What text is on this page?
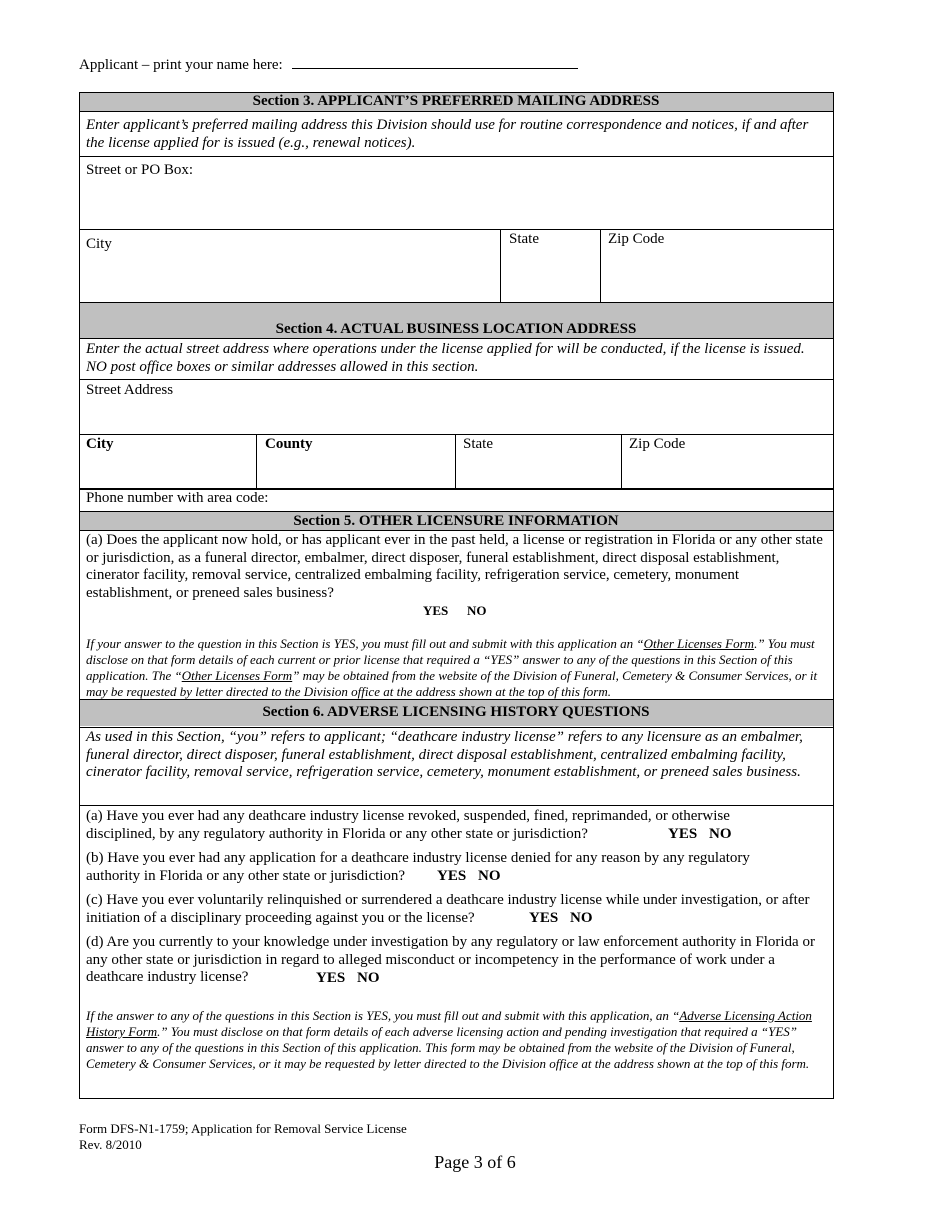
Applicant – print your name here:
Section 3. APPLICANT’S PREFERRED MAILING ADDRESS
Enter applicant’s preferred mailing address this Division should use for routine correspondence and notices, if and after the license applied for is issued (e.g., renewal notices).
Street or PO Box:
City	State	Zip Code
Section 4. ACTUAL BUSINESS LOCATION ADDRESS
Enter the actual street address where operations under the license applied for will be conducted, if the license is issued. NO post office boxes or similar addresses allowed in this section.
Street Address
City	County	State	Zip Code
Phone number with area code:
Section 5. OTHER LICENSURE INFORMATION
(a) Does the applicant now hold, or has applicant ever in the past held, a license or registration in Florida or any other state or jurisdiction, as a funeral director, embalmer, direct disposer, funeral establishment, direct disposal establishment, cinerator facility, removal service, centralized embalming facility, refrigeration service, cemetery, monument establishment, or preneed sales business?
YES NO
If your answer to the question in this Section is YES, you must fill out and submit with this application an “Other Licenses Form.” You must disclose on that form details of each current or prior license that required a “YES” answer to any of the questions in this Section of this application. The “Other Licenses Form” may be obtained from the website of the Division of Funeral, Cemetery & Consumer Services, or it may be requested by letter directed to the Division office at the address shown at the top of this form.
Section 6. ADVERSE LICENSING HISTORY QUESTIONS
As used in this Section, “you” refers to applicant; “deathcare industry license” refers to any licensure as an embalmer, funeral director, direct disposer, funeral establishment, direct disposal establishment, centralized embalming facility, cinerator facility, removal service, refrigeration service, cemetery, monument establishment, or preneed sales business.
(a) Have you ever had any deathcare industry license revoked, suspended, fined, reprimanded, or otherwise disciplined, by any regulatory authority in Florida or any other state or jurisdiction?	YES NO
(b) Have you ever had any application for a deathcare industry license denied for any reason by any regulatory authority in Florida or any other state or jurisdiction?	YES NO
(c) Have you ever voluntarily relinquished or surrendered a deathcare industry license while under investigation, or after initiation of a disciplinary proceeding against you or the license?	YES NO
(d) Are you currently to your knowledge under investigation by any regulatory or law enforcement authority in Florida or any other state or jurisdiction in regard to alleged misconduct or incompetency in the performance of work under a deathcare industry license?	YES NO
If the answer to any of the questions in this Section is YES, you must fill out and submit with this application, an “Adverse Licensing Action History Form.” You must disclose on that form details of each adverse licensing action and pending investigation that required a “YES” answer to any of the questions in this Section of this application. This form may be obtained from the website of the Division of Funeral, Cemetery & Consumer Services, or it may be requested by letter directed to the Division office at the address shown at the top of this form.
Form DFS-N1-1759; Application for Removal Service License
Rev. 8/2010
Page 3 of 6
